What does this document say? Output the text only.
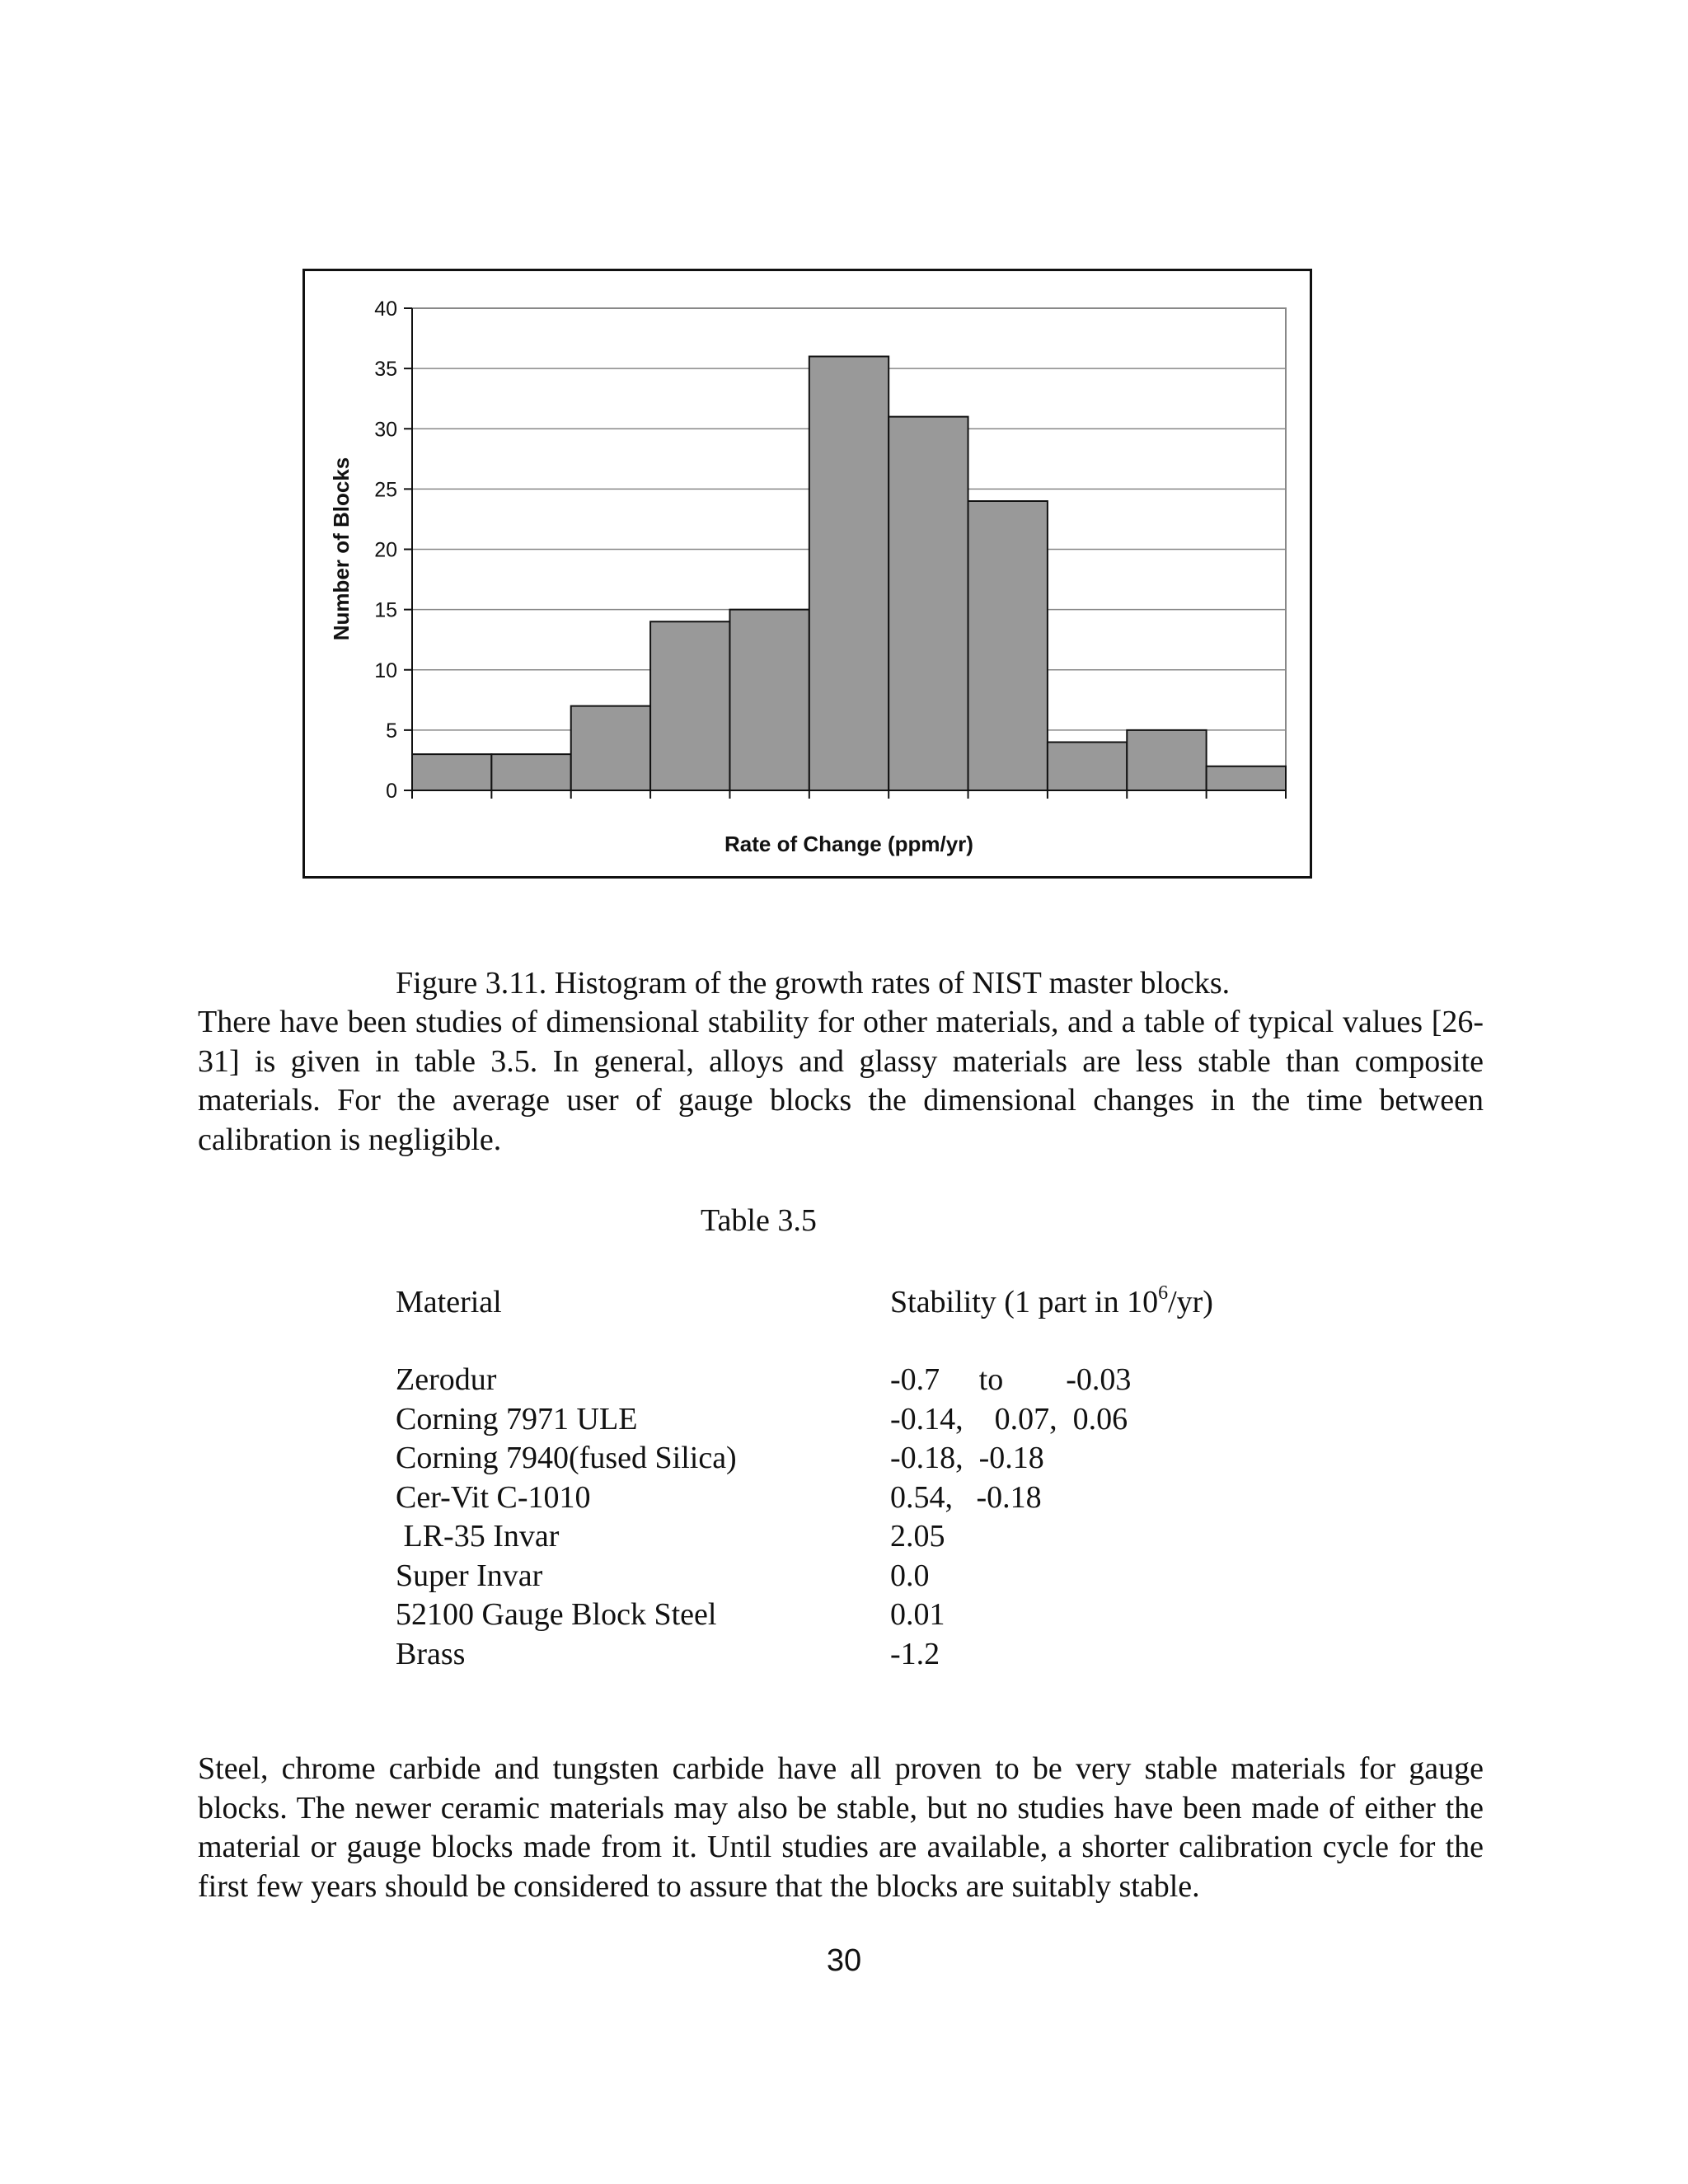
0
5
10
15
20
25
30
35
40
Number of Blocks
Rate of Change (ppm/yr)
Figure 3.11. Histogram of the growth rates of NIST master blocks.
There have been studies of dimensional stability for other materials, and a table of typical values [26-31] is given in table 3.5. In general, alloys and glassy materials are less stable than composite materials. For the average user of gauge blocks the dimensional changes in the time between calibration is negligible.
Table 3.5
Material	Stability (1 part in $10^6/yr$)
Zerodur	-0.7     to        -0.03
Corning 7971 ULE	-0.14,    0.07,  0.06
Corning 7940(fused Silica)	-0.18,  -0.18
Cer-Vit C-1010	0.54,   -0.18
LR-35 Invar	2.05
Super Invar	0.0
52100 Gauge Block Steel	0.01
Brass	-1.2
Steel, chrome carbide and tungsten carbide have all proven to be very stable materials for gauge blocks. The newer ceramic materials may also be stable, but no studies have been made of either the material or gauge blocks made from it. Until studies are available, a shorter calibration cycle for the first few years should be considered to assure that the blocks are suitably stable.
30
